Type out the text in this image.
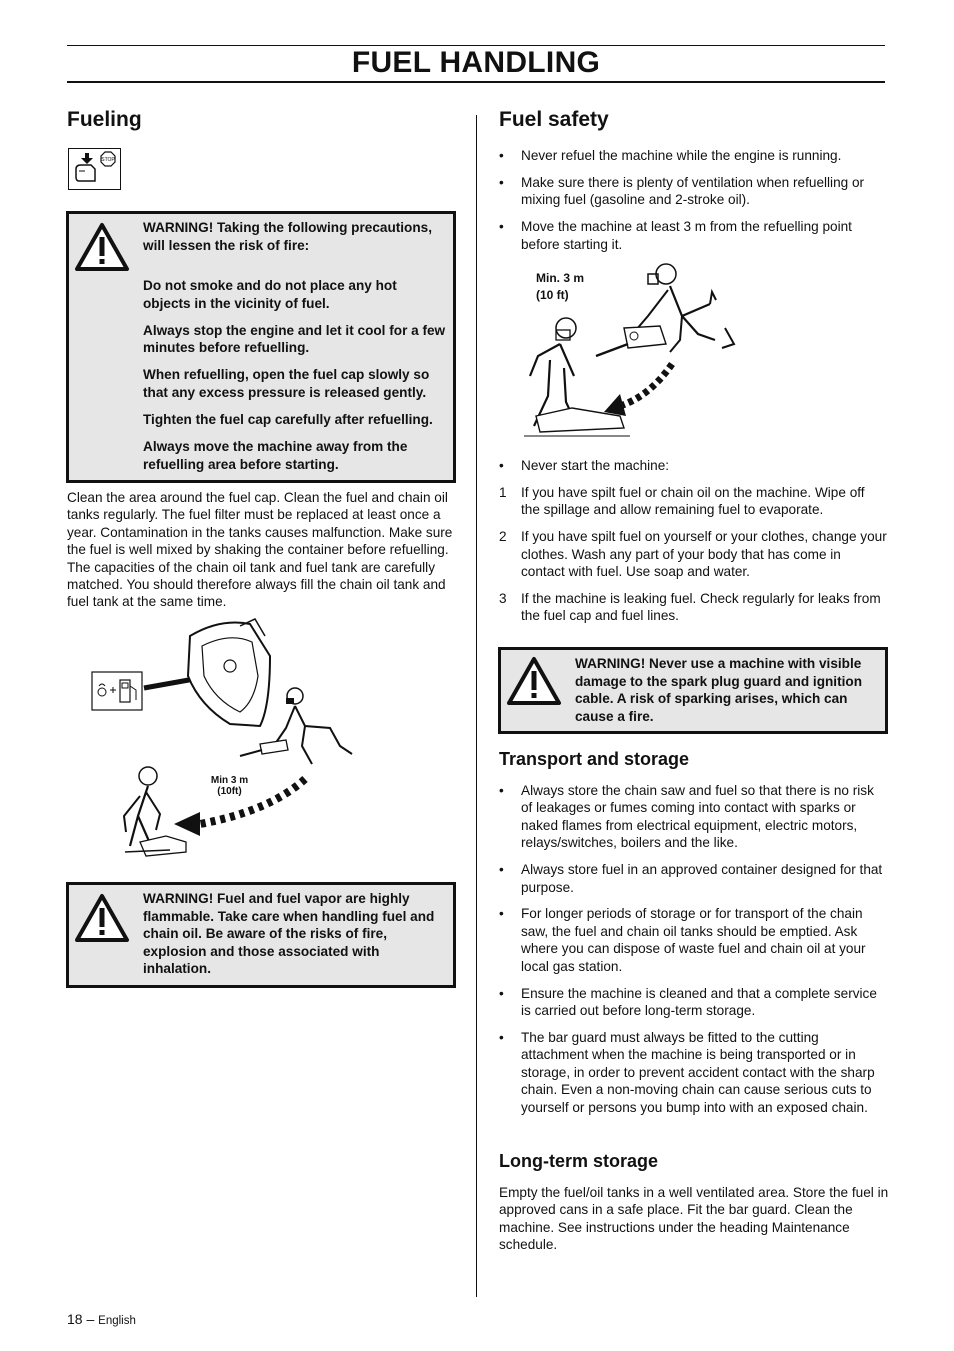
FUEL HANDLING
Fueling
STOP

WARNING! Taking the following precautions, will lessen the risk of fire:

Do not smoke and do not place any hot objects in the vicinity of fuel.

Always stop the engine and let it cool for a few minutes before refuelling.

When refuelling, open the fuel cap slowly so that any excess pressure is released gently.

Tighten the fuel cap carefully after refuelling.

Always move the machine away from the refuelling area before starting.

Clean the area around the fuel cap. Clean the fuel and chain oil tanks regularly. The fuel filter must be replaced at least once a year. Contamination in the tanks causes malfunction. Make sure the fuel is well mixed by shaking the container before refuelling. The capacities of the chain oil tank and fuel tank are carefully matched. You should therefore always fill the chain oil tank and fuel tank at the same time.

Min 3 m
(10ft)
WARNING! Fuel and fuel vapor are highly flammable. Take care when handling fuel and chain oil. Be aware of the risks of fire, explosion and those associated with inhalation.
Fuel safety
• Never refuel the machine while the engine is running.
• Make sure there is plenty of ventilation when refuelling or mixing fuel (gasoline and 2-stroke oil).
• Move the machine at least 3 m from the refuelling point before starting it.
Min. 3 m
(10 ft)
• Never start the machine:
1 If you have spilt fuel or chain oil on the machine. Wipe off the spillage and allow remaining fuel to evaporate.
2 If you have spilt fuel on yourself or your clothes, change your clothes. Wash any part of your body that has come in contact with fuel. Use soap and water.
3 If the machine is leaking fuel. Check regularly for leaks from the fuel cap and fuel lines.
WARNING! Never use a machine with visible damage to the spark plug guard and ignition cable. A risk of sparking arises, which can cause a fire.
Transport and storage
• Always store the chain saw and fuel so that there is no risk of leakages or fumes coming into contact with sparks or naked flames from electrical equipment, electric motors, relays/switches, boilers and the like.
• Always store fuel in an approved container designed for that purpose.
• For longer periods of storage or for transport of the chain saw, the fuel and chain oil tanks should be emptied. Ask where you can dispose of waste fuel and chain oil at your local gas station.
• Ensure the machine is cleaned and that a complete service is carried out before long-term storage.
• The bar guard must always be fitted to the cutting attachment when the machine is being transported or in storage, in order to prevent accident contact with the sharp chain. Even a non-moving chain can cause serious cuts to yourself or persons you bump into with an exposed chain.
Long-term storage

Empty the fuel/oil tanks in a well ventilated area. Store the fuel in approved cans in a safe place. Fit the bar guard. Clean the machine. See instructions under the heading Maintenance schedule.

18 – English
